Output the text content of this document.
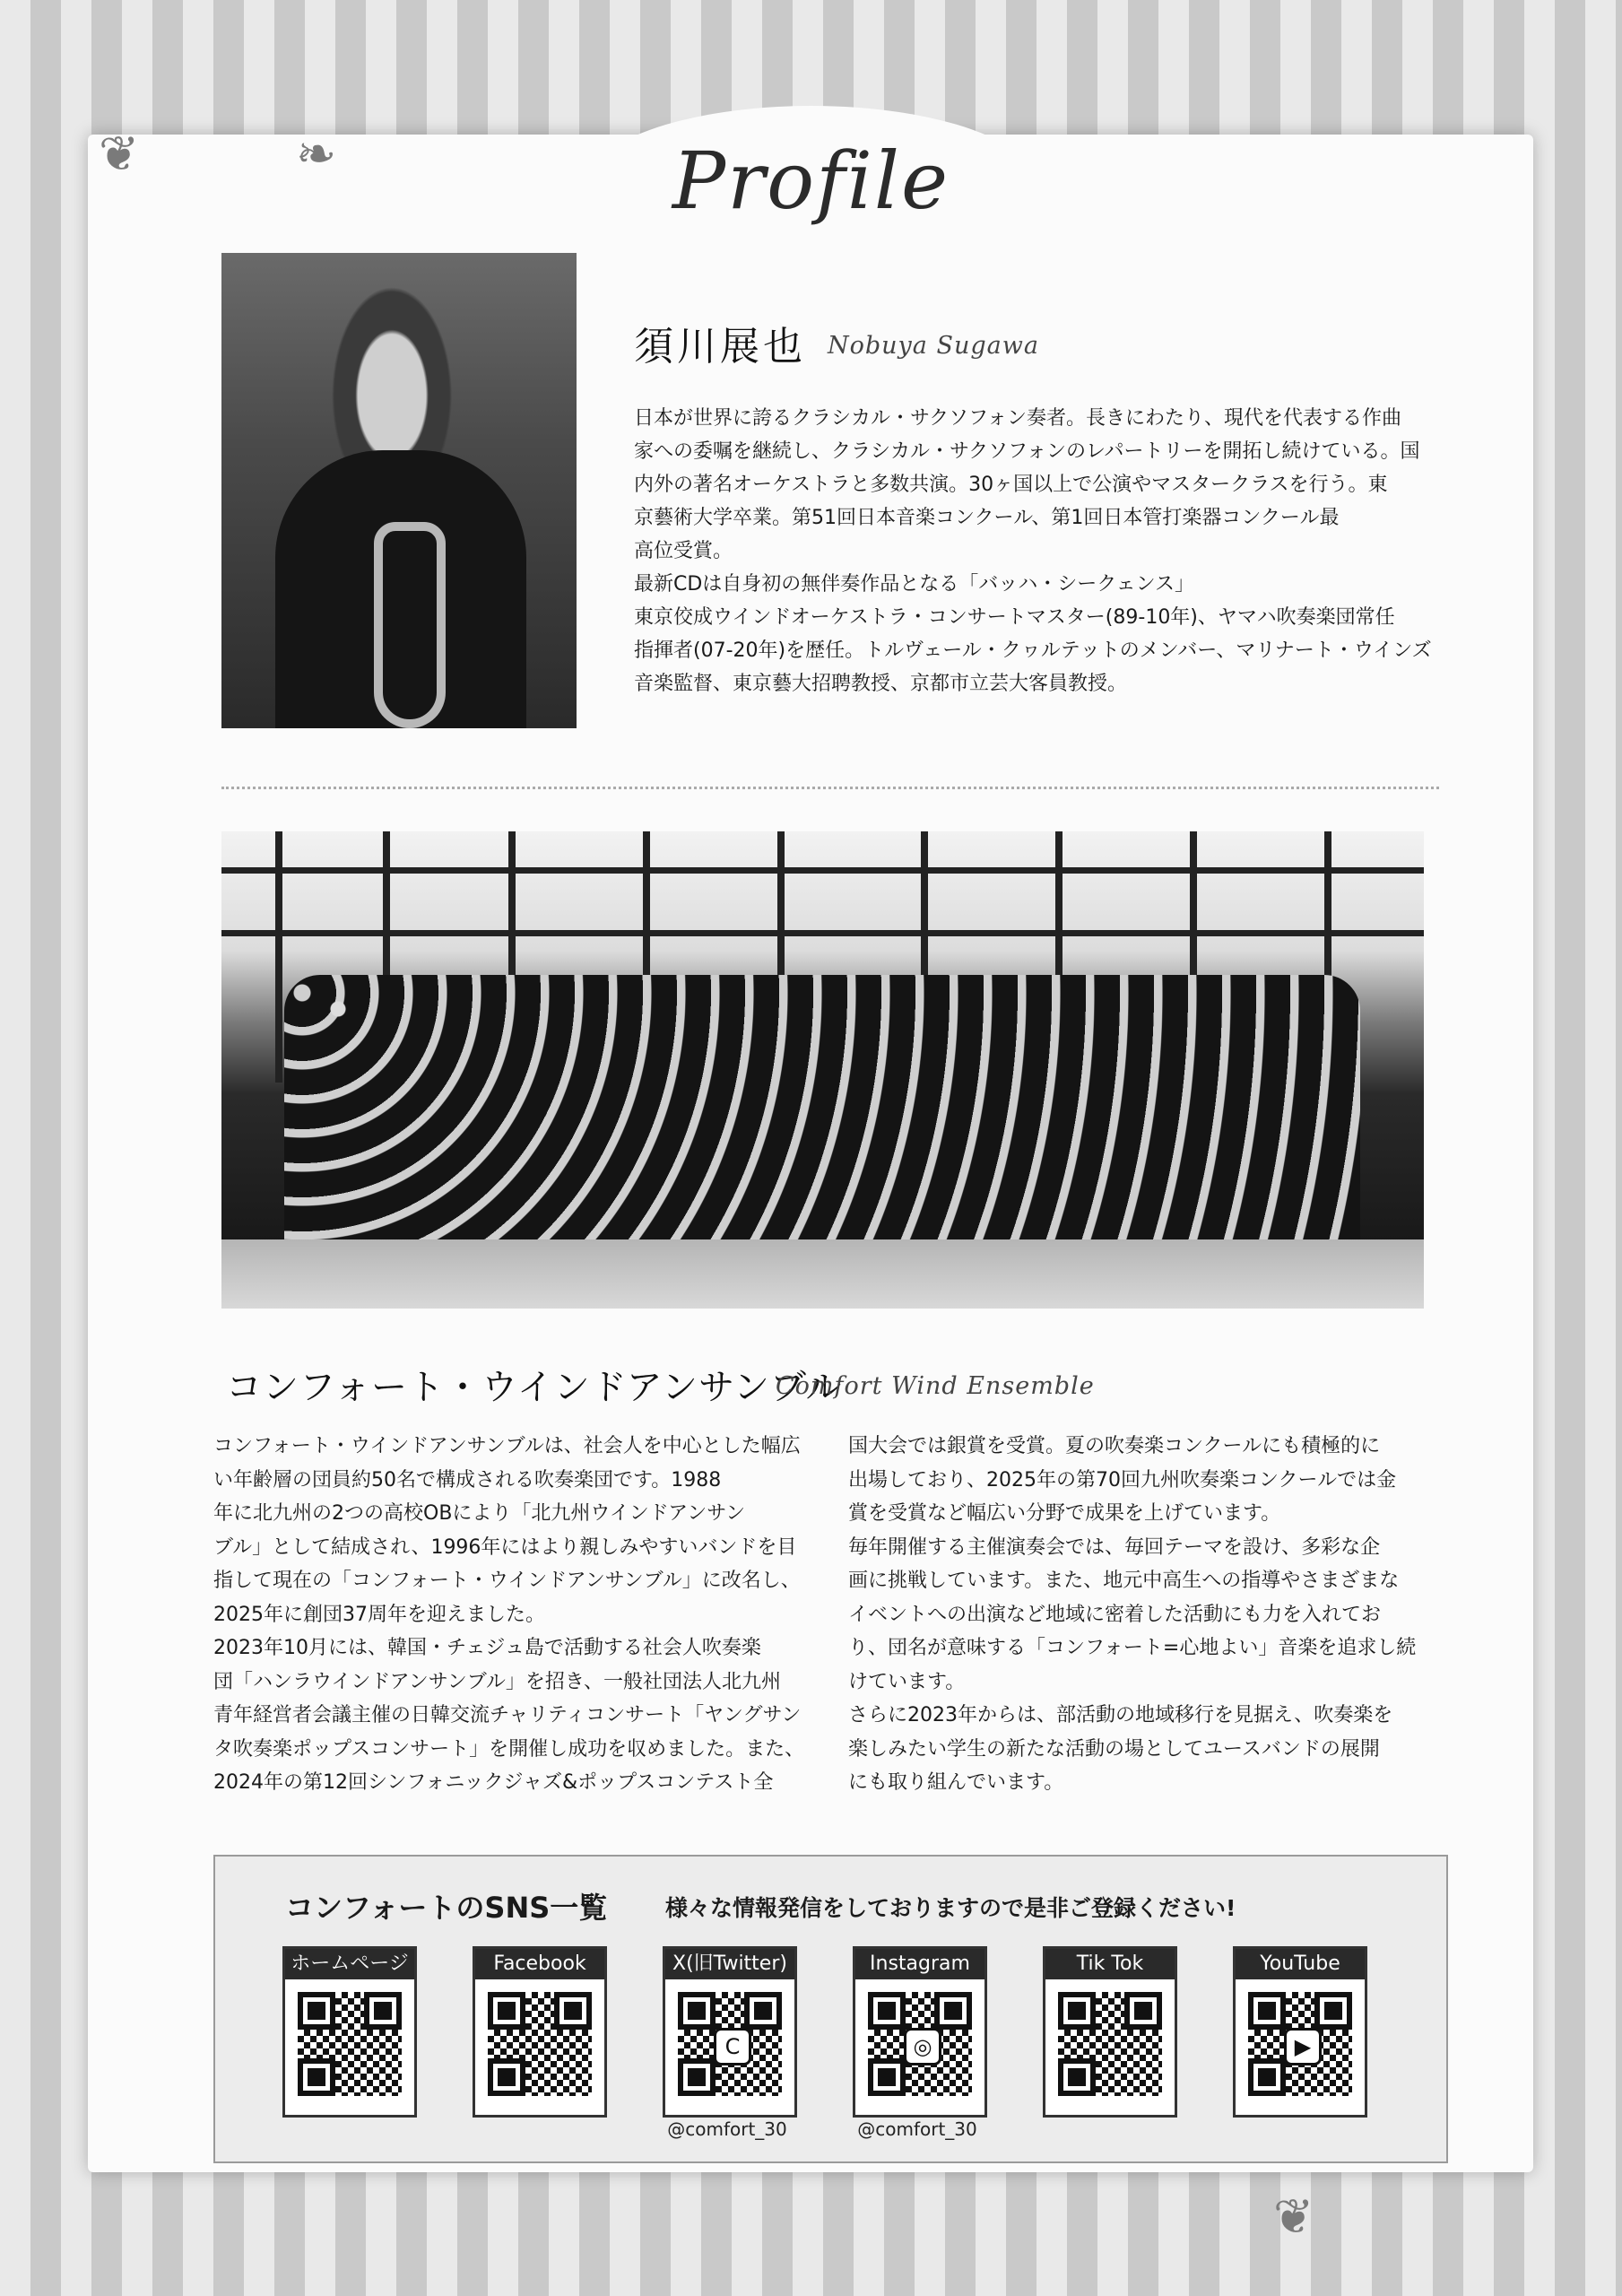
❦	❧
❦
Profile
須川展也 Nobuya Sugawa

日本が世界に誇るクラシカル・サクソフォン奏者。長きにわたり、現代を代表する作曲

家への委嘱を継続し、クラシカル・サクソフォンのレパートリーを開拓し続けている。国

内外の著名オーケストラと多数共演。30ヶ国以上で公演やマスタークラスを行う。東

京藝術大学卒業。第51回日本音楽コンクール、第1回日本管打楽器コンクール最

高位受賞。

最新CDは自身初の無伴奏作品となる「バッハ・シークェンス」

東京佼成ウインドオーケストラ・コンサートマスター(89-10年)、ヤマハ吹奏楽団常任

指揮者(07-20年)を歴任。トルヴェール・クヮルテットのメンバー、マリナート・ウインズ

音楽監督、東京藝大招聘教授、京都市立芸大客員教授。

コンフォート・ウインドアンサンブル
Comfort Wind Ensemble

コンフォート・ウインドアンサンブルは、社会人を中心とした幅広

い年齢層の団員約50名で構成される吹奏楽団です。1988

年に北九州の2つの高校OBにより「北九州ウインドアンサン

ブル」として結成され、1996年にはより親しみやすいバンドを目

指して現在の「コンフォート・ウインドアンサンブル」に改名し、

2025年に創団37周年を迎えました。

2023年10月には、韓国・チェジュ島で活動する社会人吹奏楽

団「ハンラウインドアンサンブル」を招き、一般社団法人北九州

青年経営者会議主催の日韓交流チャリティコンサート「ヤングサン

タ吹奏楽ポップスコンサート」を開催し成功を収めました。また、

2024年の第12回シンフォニックジャズ&ポップスコンテスト全

国大会では銀賞を受賞。夏の吹奏楽コンクールにも積極的に

出場しており、2025年の第70回九州吹奏楽コンクールでは金

賞を受賞など幅広い分野で成果を上げています。

毎年開催する主催演奏会では、毎回テーマを設け、多彩な企

画に挑戦しています。また、地元中高生への指導やさまざまな

イベントへの出演など地域に密着した活動にも力を入れてお

り、団名が意味する「コンフォート=心地よい」音楽を追求し続

けています。

さらに2023年からは、部活動の地域移行を見据え、吹奏楽を

楽しみたい学生の新たな活動の場としてユースバンドの展開

にも取り組んでいます。

コンフォートのSNS一覧	様々な情報発信をしておりますので是非ご登録ください!
ホームページ	Facebook	X(旧Twitter)
C
@comfort_30
Instagram
◎
@comfort_30
Tik Tok	YouTube
▶
